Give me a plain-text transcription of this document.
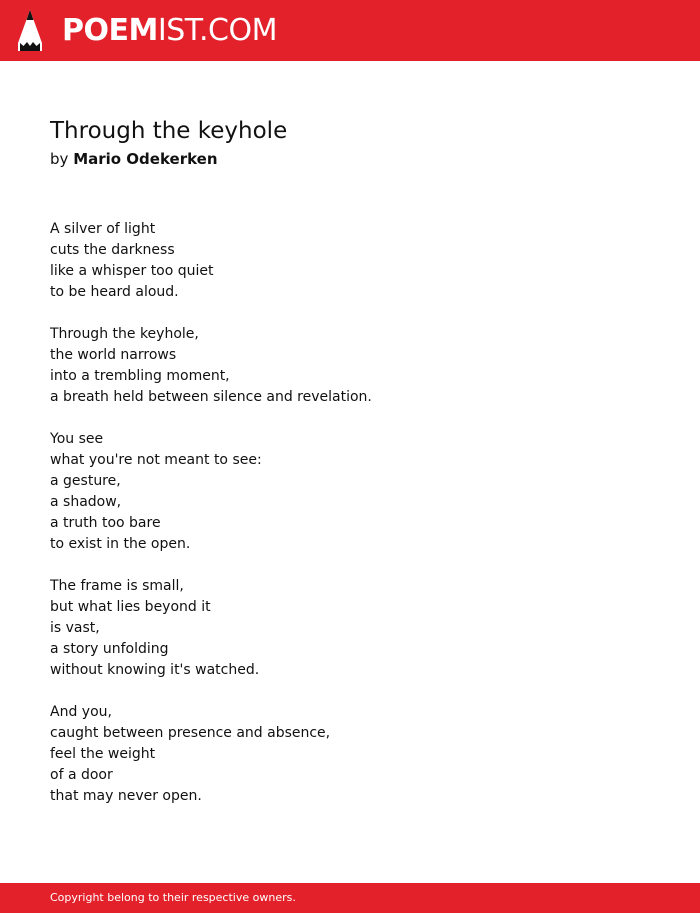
POEMIST.COM
Through the keyhole
by Mario Odekerken
A silver of light
cuts the darkness
like a whisper too quiet
to be heard aloud.
Through the keyhole,
the world narrows
into a trembling moment,
a breath held between silence and revelation.
You see
what you're not meant to see:
a gesture,
a shadow,
a truth too bare
to exist in the open.
The frame is small,
but what lies beyond it
is vast,
a story unfolding
without knowing it's watched.
And you,
caught between presence and absence,
feel the weight
of a door
that may never open.
Copyright belong to their respective owners.
